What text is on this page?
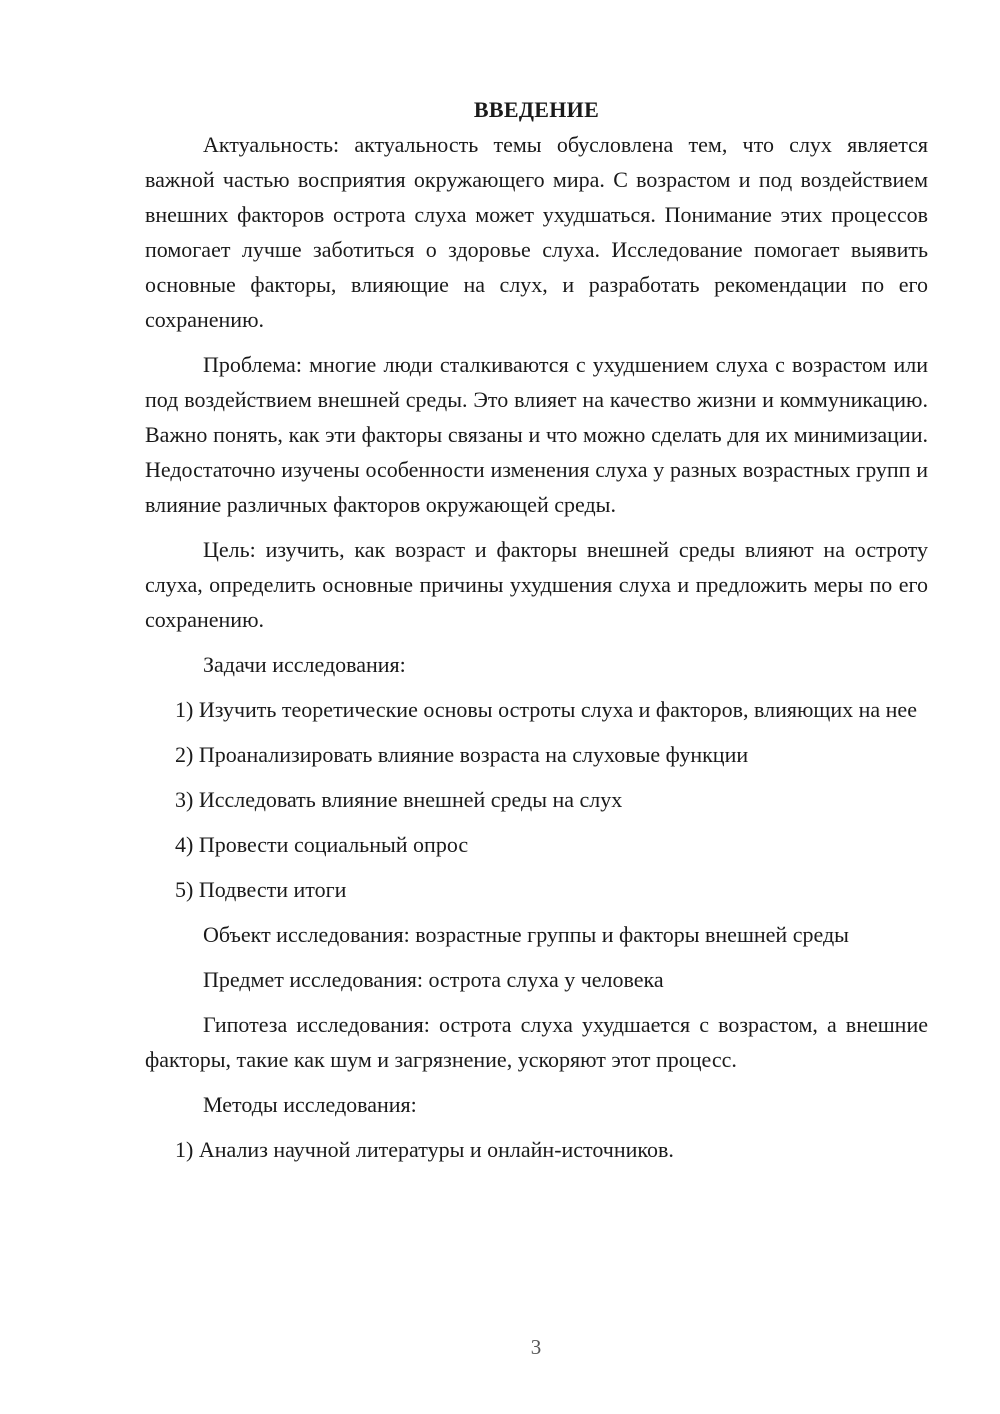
ВВЕДЕНИЕ

Актуальность: актуальность темы обусловлена тем, что слух является важной частью восприятия окружающего мира. С возрастом и под воздействием внешних факторов острота слуха может ухудшаться. Понимание этих процессов помогает лучше заботиться о здоровье слуха. Исследование помогает выявить основные факторы, влияющие на слух, и разработать рекомендации по его сохранению.

Проблема: многие люди сталкиваются с ухудшением слуха с возрастом или под воздействием внешней среды. Это влияет на качество жизни и коммуникацию. Важно понять, как эти факторы связаны и что можно сделать для их минимизации. Недостаточно изучены особенности изменения слуха у разных возрастных групп и влияние различных факторов окружающей среды.

Цель: изучить, как возраст и факторы внешней среды влияют на остроту слуха, определить основные причины ухудшения слуха и предложить меры по его сохранению.

Задачи исследования:

1) Изучить теоретические основы остроты слуха и факторов, влияющих на нее

2) Проанализировать влияние возраста на слуховые функции

3) Исследовать влияние внешней среды на слух

4) Провести социальный опрос

5) Подвести итоги

Объект исследования: возрастные группы и факторы внешней среды

Предмет исследования: острота слуха у человека

Гипотеза исследования: острота слуха ухудшается с возрастом, а внешние факторы, такие как шум и загрязнение, ускоряют этот процесс.

Методы исследования:

1) Анализ научной литературы и онлайн-источников.

3
